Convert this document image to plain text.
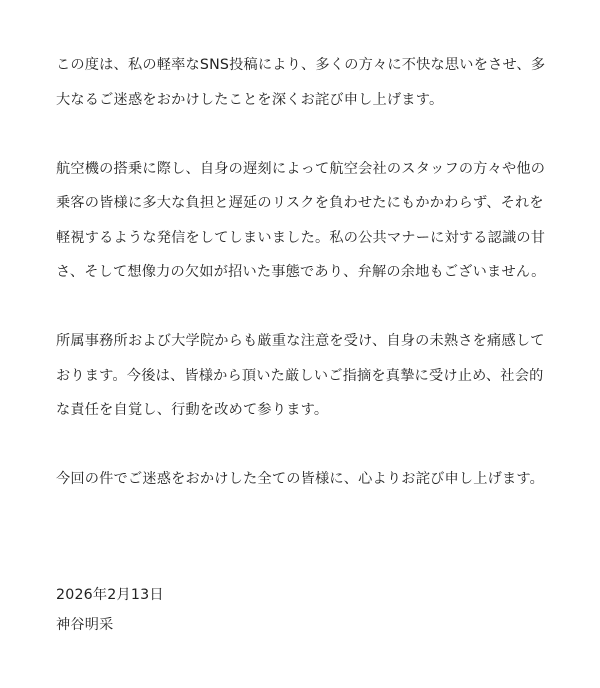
この度は、私の軽率なSNS投稿により、多くの方々に不快な思いをさせ、多
大なるご迷惑をおかけしたことを深くお詫び申し上げます。
航空機の搭乗に際し、自身の遅刻によって航空会社のスタッフの方々や他の
乗客の皆様に多大な負担と遅延のリスクを負わせたにもかかわらず、それを
軽視するような発信をしてしまいました。私の公共マナーに対する認識の甘
さ、そして想像力の欠如が招いた事態であり、弁解の余地もございません。
所属事務所および大学院からも厳重な注意を受け、自身の未熟さを痛感して
おります。今後は、皆様から頂いた厳しいご指摘を真摯に受け止め、社会的
な責任を自覚し、行動を改めて参ります。
今回の件でご迷惑をおかけした全ての皆様に、心よりお詫び申し上げます。
2026年2月13日
神谷明采
